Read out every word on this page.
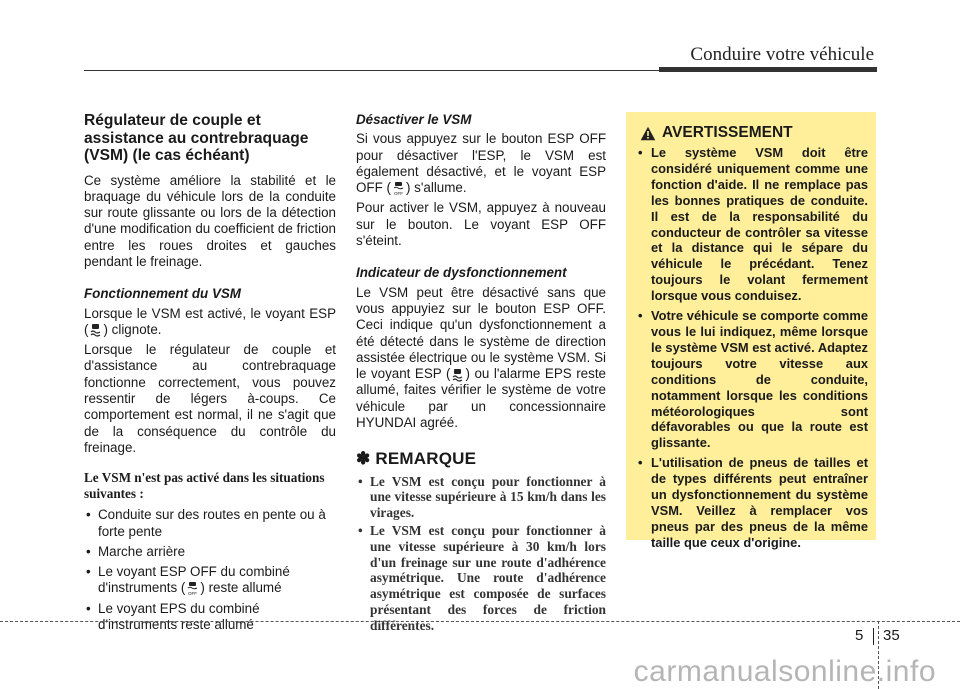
Conduire votre véhicule
Régulateur de couple et assistance au contrebraquage (VSM) (le cas échéant)

Ce système améliore la stabilité et le braquage du véhicule lors de la conduite sur route glissante ou lors de la détection d'une modification du coefficient de friction entre les roues droites et gauches pendant le freinage.

Fonctionnement du VSM

Lorsque le VSM est activé, le voyant ESP ( ) clignote.

Lorsque le régulateur de couple et d'assistance au contrebraquage fonctionne correctement, vous pouvez ressentir de légers à-coups. Ce comportement est normal, il ne s'agit que de la conséquence du contrôle du freinage.

Le VSM n'est pas activé dans les situations suivantes :
• Conduite sur des routes en pente ou à forte pente
• Marche arrière
• Le voyant ESP OFF du combiné d'instruments ( OFF ) reste allumé
• Le voyant EPS du combiné d'instruments reste allumé
Désactiver le VSM

Si vous appuyez sur le bouton ESP OFF pour désactiver l'ESP, le VSM est également désactivé, et le voyant ESP OFF ( OFF ) s'allume.

Pour activer le VSM, appuyez à nouveau sur le bouton. Le voyant ESP OFF s'éteint.

Indicateur de dysfonctionnement

Le VSM peut être désactivé sans que vous appuyiez sur le bouton ESP OFF. Ceci indique qu'un dysfonctionnement a été détecté dans le système de direction assistée électrique ou le système VSM. Si le voyant ESP ( ) ou l'alarme EPS reste allumé, faites vérifier le système de votre véhicule par un concessionnaire HYUNDAI agréé.

✽ REMARQUE
• Le VSM est conçu pour fonctionner à une vitesse supérieure à 15 km/h dans les virages.
• Le VSM est conçu pour fonctionner à une vitesse supérieure à 30 km/h lors d'un freinage sur une route d'adhérence asymétrique. Une route d'adhérence asymétrique est composée de surfaces présentant des forces de friction différentes.
AVERTISSEMENT
• Le système VSM doit être considéré uniquement comme une fonction d'aide. Il ne remplace pas les bonnes pratiques de conduite. Il est de la responsabilité du conducteur de contrôler sa vitesse et la distance qui le sépare du véhicule le précédant. Tenez toujours le volant fermement lorsque vous conduisez.
• Votre véhicule se comporte comme vous le lui indiquez, même lorsque le système VSM est activé. Adaptez toujours votre vitesse aux conditions de conduite, notamment lorsque les conditions météorologiques sont défavorables ou que la route est glissante.
• L'utilisation de pneus de tailles et de types différents peut entraîner un dysfonctionnement du système VSM. Veillez à remplacer vos pneus par des pneus de la même taille que ceux d'origine.
5 35
carmanualsonline.info
